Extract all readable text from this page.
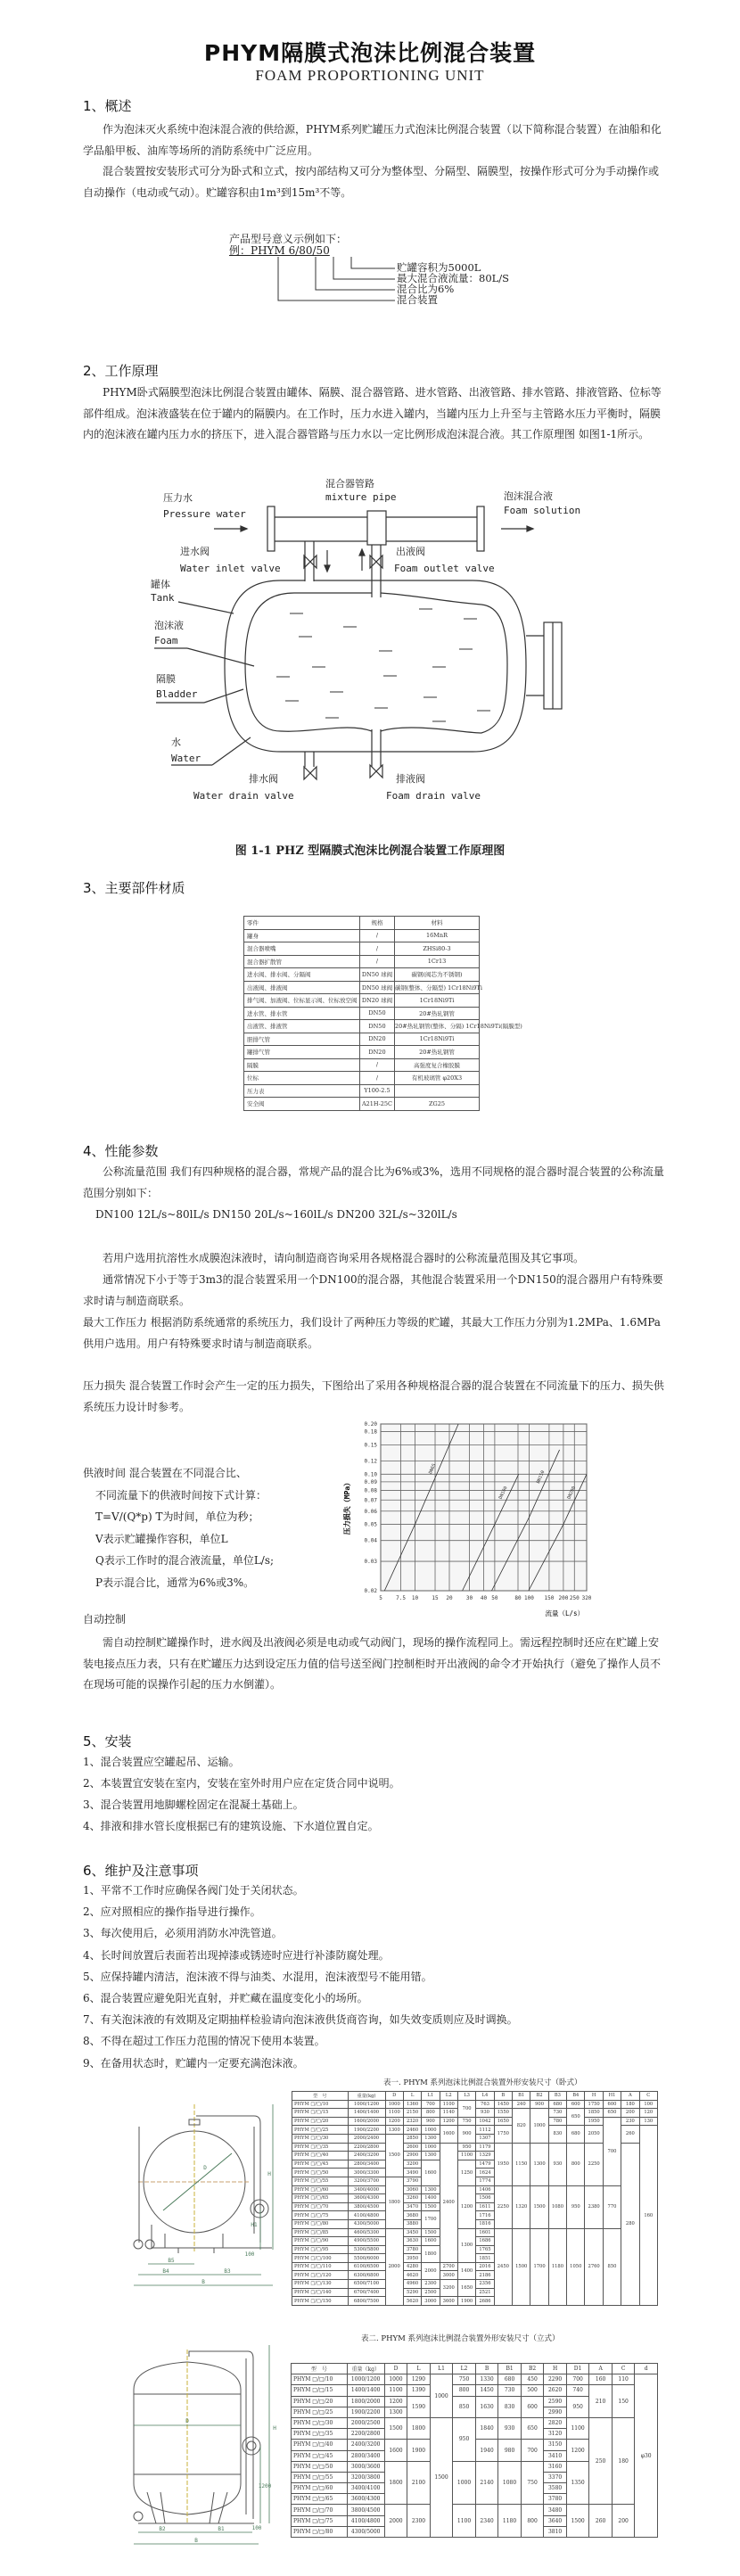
PHYM隔膜式泡沫比例混合装置
FOAM PROPORTIONING UNIT
1、概述
作为泡沫灭火系统中泡沫混合液的供给源，PHYM系列贮罐压力式泡沫比例混合装置（以下简称混合装置）在油船和化学品船甲板、油库等场所的消防系统中广泛应用。
混合装置按安装形式可分为卧式和立式，按内部结构又可分为整体型、分隔型、隔膜型，按操作形式可分为手动操作或自动操作（电动或气动）。贮罐容积由1m³到15m³不等。
产品型号意义示例如下：
例：PHYM 6/80/50
贮罐容积为5000L
最大混合液流量：80L/S
混合比为6%
混合装置
2、工作原理
PHYM卧式隔膜型泡沫比例混合装置由罐体、隔膜、混合器管路、进水管路、出液管路、排水管路、排液管路、位标等部件组成。泡沫液盛装在位于罐内的隔膜内。在工作时，压力水进入罐内，当罐内压力上升至与主管路水压力平衡时，隔膜内的泡沫液在罐内压力水的挤压下，进入混合器管路与压力水以一定比例形成泡沫混合液。其工作原理图 如图1-1所示。
压力水
Pressure water
混合器管路
mixture pipe	泡沫混合液
Foam solution
进水阀
Water inlet valve
出液阀
Foam outlet valve
罐体
Tank
泡沫液
Foam
隔膜
Bladder
水
Water
排水阀
Water drain valve
排液阀
Foam drain valve
图 1-1 PHZ 型隔膜式泡沫比例混合装置工作原理图
3、主要部件材质
零件	规格	材料
罐身	/	16MnR
混合器喷嘴	/	ZHSi80-3
混合器扩散管	/	1Cr13
进水阀、排水阀、分隔阀	DN50 球阀	碳钢(阀芯为不锈钢)
出液阀、排液阀	DN50 球阀	碳钢(整体、分隔型) 1Cr18Ni9Ti
排气阀、加液阀、位标显示阀、位标放空阀	DN20 球阀	1Cr18Ni9Ti
进水管、排水管	DN50	20#热轧钢管
出液管、排液管	DN50	20#热轧钢管(整体、分隔) 1Cr18Ni9Ti(隔膜型)
胆排气管	DN20	1Cr18Ni9Ti
罐排气管	DN20	20#热轧钢管
隔膜	/	高强度复合橡胶膜
位标	/	有机玻璃管 φ20X3
压力表	Y100-2.5	
安全阀	A21H-25C	ZG25
4、性能参数
公称流量范围 我们有四种规格的混合器，常规产品的混合比为6%或3%，选用不同规格的混合器时混合装置的公称流量范围分别如下：
DN100 12L/s~80lL/s DN150 20L/s~160lL/s DN200 32L/s~320lL/s
若用户选用抗溶性水成膜泡沫液时，请向制造商咨询采用各规格混合器时的公称流量范围及其它事项。
通常情况下小于等于3m3的混合装置采用一个DN100的混合器，其他混合装置采用一个DN150的混合器用户有特殊要求时请与制造商联系。
最大工作压力 根据消防系统通常的系统压力，我们设计了两种压力等级的贮罐，其最大工作压力分别为1.2MPa、1.6MPa供用户选用。用户有特殊要求时请与制造商联系。
压力损失 混合装置工作时会产生一定的压力损失，下图给出了采用各种规格混合器的混合装置在不同流量下的压力、损失供系统压力设计时参考。
供液时间 混合装置在不同混合比、
不同流量下的供液时间按下式计算：
T=V/(Q*p) T为时间，单位为秒；
V表示贮罐操作容积，单位L
Q表示工作时的混合液流量，单位L/s;
P表示混合比，通常为6%或3%。
DN65
DN100
DN150
DN200
0.02
0.03
0.04
0.05
0.06
0.07
0.08
0.09
0.10
0.12
0.15
0.18
0.20
5	7.5 10	15 20	30 40 50	80 100 150 200 250 320
压力损失（MPa）
流量（L/s）
自动控制
需自动控制贮罐操作时，进水阀及出液阀必须是电动或气动阀门，现场的操作流程同上。需远程控制时还应在贮罐上安装电接点压力表，只有在贮罐压力达到设定压力值的信号送至阀门控制柜时开出液阀的命令才开始执行（避免了操作人员不在现场可能的误操作引起的压力水倒灌）。
5、安装
1、混合装置应空罐起吊、运输。
2、本装置宜安装在室内，安装在室外时用户应在定货合同中说明。
3、混合装置用地脚螺栓固定在混凝土基础上。
4、排液和排水管长度根据已有的建筑设施、下水道位置自定。
6、维护及注意事项
1、平常不工作时应确保各阀门处于关闭状态。
2、应对照相应的操作指导进行操作。
3、每次使用后，必须用消防水冲洗管道。
4、长时间放置后表面若出现掉漆或锈迹时应进行补漆防腐处理。
5、应保持罐内清洁，泡沫液不得与油类、水混用，泡沫液型号不能用错。
6、混合装置应避免阳光直射，并贮藏在温度变化小的场所。
7、有关泡沫液的有效期及定期抽样检验请向泡沫液供货商咨询，如失效变质则应及时调换。
8、不得在超过工作压力范围的情况下使用本装置。
9、在备用状态时，贮罐内一定要充满泡沫液。
D
H
H1
100
B5
B4	B3
B
D
H
1200
100
B2	B1
B
表一. PHYM 系列泡沫比例混合装置外形安装尺寸（卧式）
型　号	重量(kg)	D	L	L1	L2	L3	L4	B	B1	B2	B3	B4	H	H1	A	C
PHYM □/□/10	1000/1200	1000	1360	700	1100	700	763	1450	240	900	680	600	1750	600	180	100
PHYM □/□/15	1400/1400	1100	2150	800	1140		930	1550	820	1000	730	650	1850	650	200	120
PHYM □/□/20	1600/2000	1200	2320	900	1200	750	1042	1650			780		1950	700	230	130
PHYM □/□/25	1900/2200	1300	2460	1000	1600	900	1112	1750			830	680	2050		260	160
PHYM □/□/30	2000/2400	1500	2850	1300			1307									
PHYM □/□/35	2200/2800		2600	1000	2400	950	1179	1950	1150	1300	930	800	2250		280	
PHYM □/□/40	2400/3200		2900	1300		1100	1329									
PHYM □/□/45	2800/3400		3200	1600		1250	1479									
PHYM □/□/50	3000/3300		3490				1624									
PHYM □/□/55	3200/3700	1800	3790				1774									
PHYM □/□/60	3400/4000		3060	1300		1200	1406	2250	1320	1500	1080	950	2380	770		
PHYM □/□/65	3600/4300		3260	1400			1506									
PHYM □/□/70	3800/4500		3470	1500			1611									
PHYM □/□/75	4100/4800		3680	1700			1716									
PHYM □/□/80	4300/5000		3880				1816									
PHYM □/□/85	4600/5300	2000	3450	1500		1300	1601	2450	1500	1700	1180	1050	2760	850		
PHYM □/□/90	4900/5500		3630	1600			1686									
PHYM □/□/95	5300/5800		3780	1800			1765									
PHYM □/□/100	5500/6000		3950				1851									
PHYM □/□/110	6100/6500		4280	2000	2700	1400	2016									
PHYM □/□/120	6300/6800		4620		3000		2186									
PHYM □/□/130	6500/7100		4960	2300	3200	1650	2356									
PHYM □/□/140	6700/7400		5290	2500			2521									
PHYM □/□/150	6800/7500		5620	3000	3600	1900	2686									
表二. PHYM 系列泡沫比例混合装置外形安装尺寸（立式）
型　号	重量（kg）	D	L	L1	L2	B	B1	B2	H	D1	A	C	d
PHYM □/□/10	1000/1200	1000	1290	1000	750	1330	680	450	2290	700	160	110	φ30
PHYM □/□/15	1400/1400	1100	1390		800	1450	730	500	2620	740	210	150	
PHYM □/□/20	1800/2000	1200	1590		850	1630	830	600	2590	950			
PHYM □/□/25	1900/2200	1300							2990				
PHYM □/□/30	2000/2500	1500	1800	1500	950	1840	930	650	2820	1100	250	180	
PHYM □/□/35	2200/2800								3120				
PHYM □/□/40	2400/3200	1600	1900			1940	980	700	3150	1200			
PHYM □/□/45	2800/3400								3410				
PHYM □/□/50	3000/3600	1800	2100		1000	2140	1080	750	3160	1350			
PHYM □/□/55	3200/3800								3370				
PHYM □/□/60	3400/4100								3580				
PHYM □/□/65	3600/4300								3780				
PHYM □/□/70	3800/4500	2000	2300		1100	2340	1180	800	3480	1500	260	200	
PHYM □/□/75	4100/4800								3640				
PHYM □/□/80	4300/5000								3810				
